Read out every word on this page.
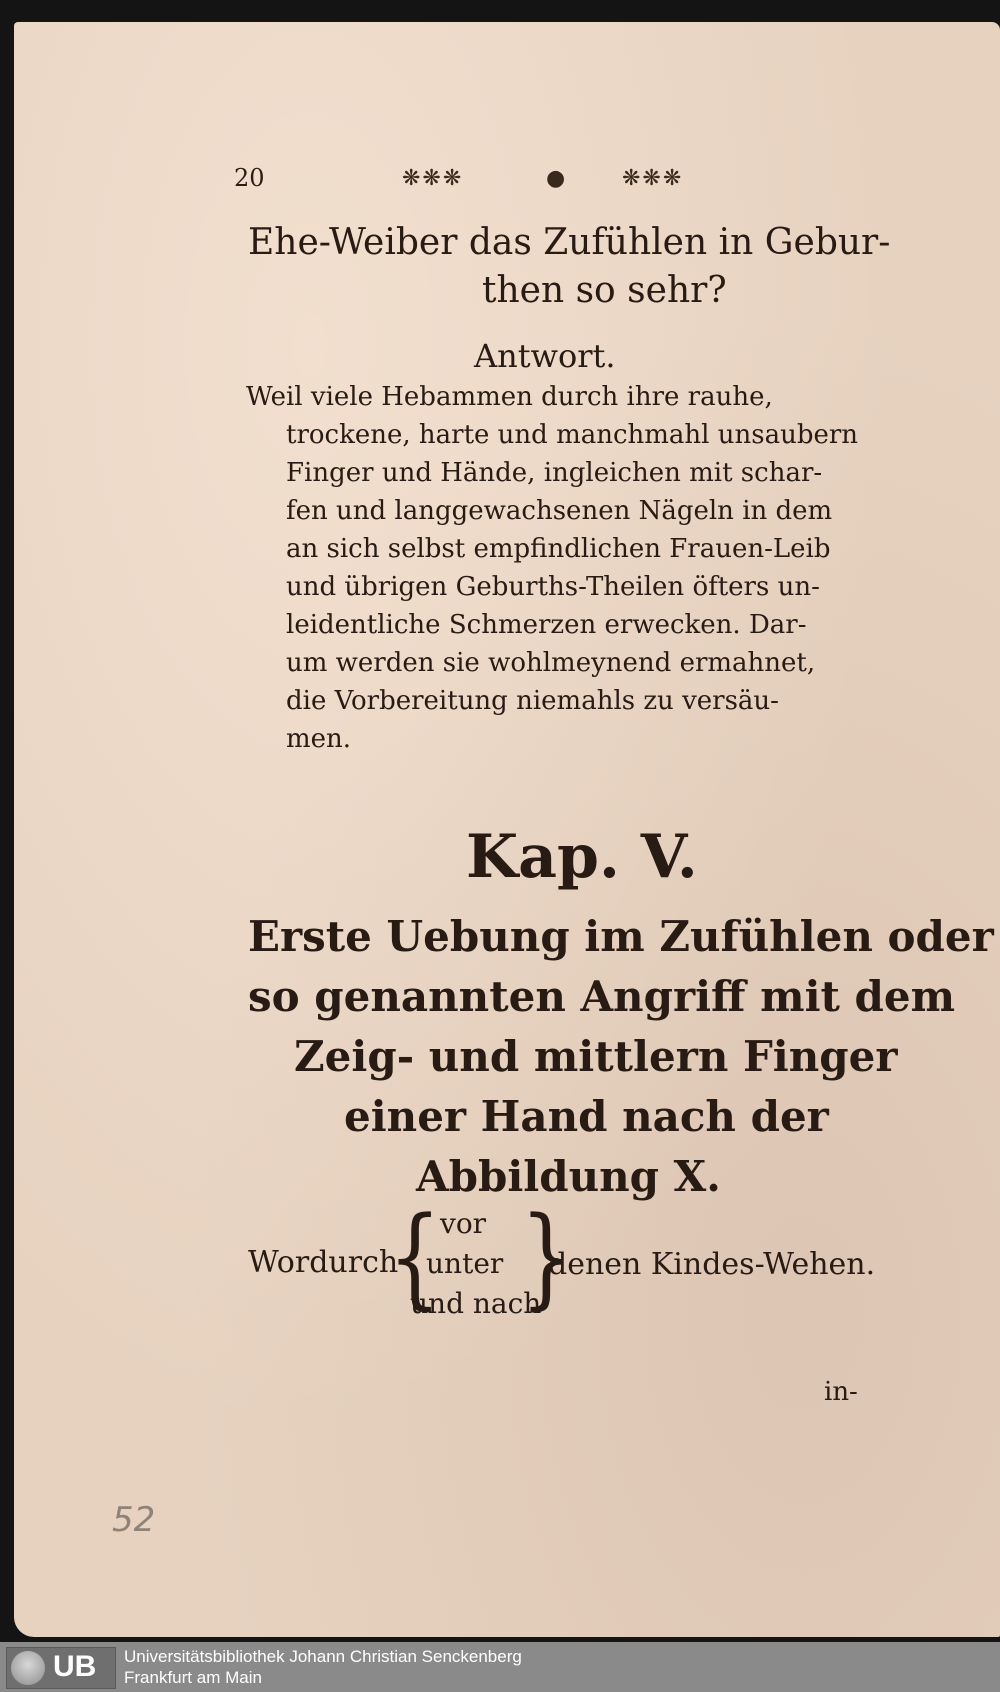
20	❋❋❋	● ❋❋❋
Ehe-Weiber das Zufühlen in Gebur-
then so sehr?
Antwort.
Weil viele Hebammen durch ihre rauhe,
trockene, harte und manchmahl unsaubern
Finger und Hände, ingleichen mit schar-
fen und langgewachsenen Nägeln in dem
an sich selbst empfindlichen Frauen-Leib
und übrigen Geburths-Theilen öfters un-
leidentliche Schmerzen erwecken. Dar-
um werden sie wohlmeynend ermahnet,
die Vorbereitung niemahls zu versäu-
men.
Kap. V.
Erste Uebung im Zufühlen oder
so genannten Angriff mit dem
Zeig- und mittlern Finger
einer Hand nach der
Abbildung X.
Wordurch
{
vor
unter
und nach
}
denen Kindes-Wehen.
in-
52
UB Universitätsbibliothek Johann Christian Senckenberg
Frankfurt am Main
